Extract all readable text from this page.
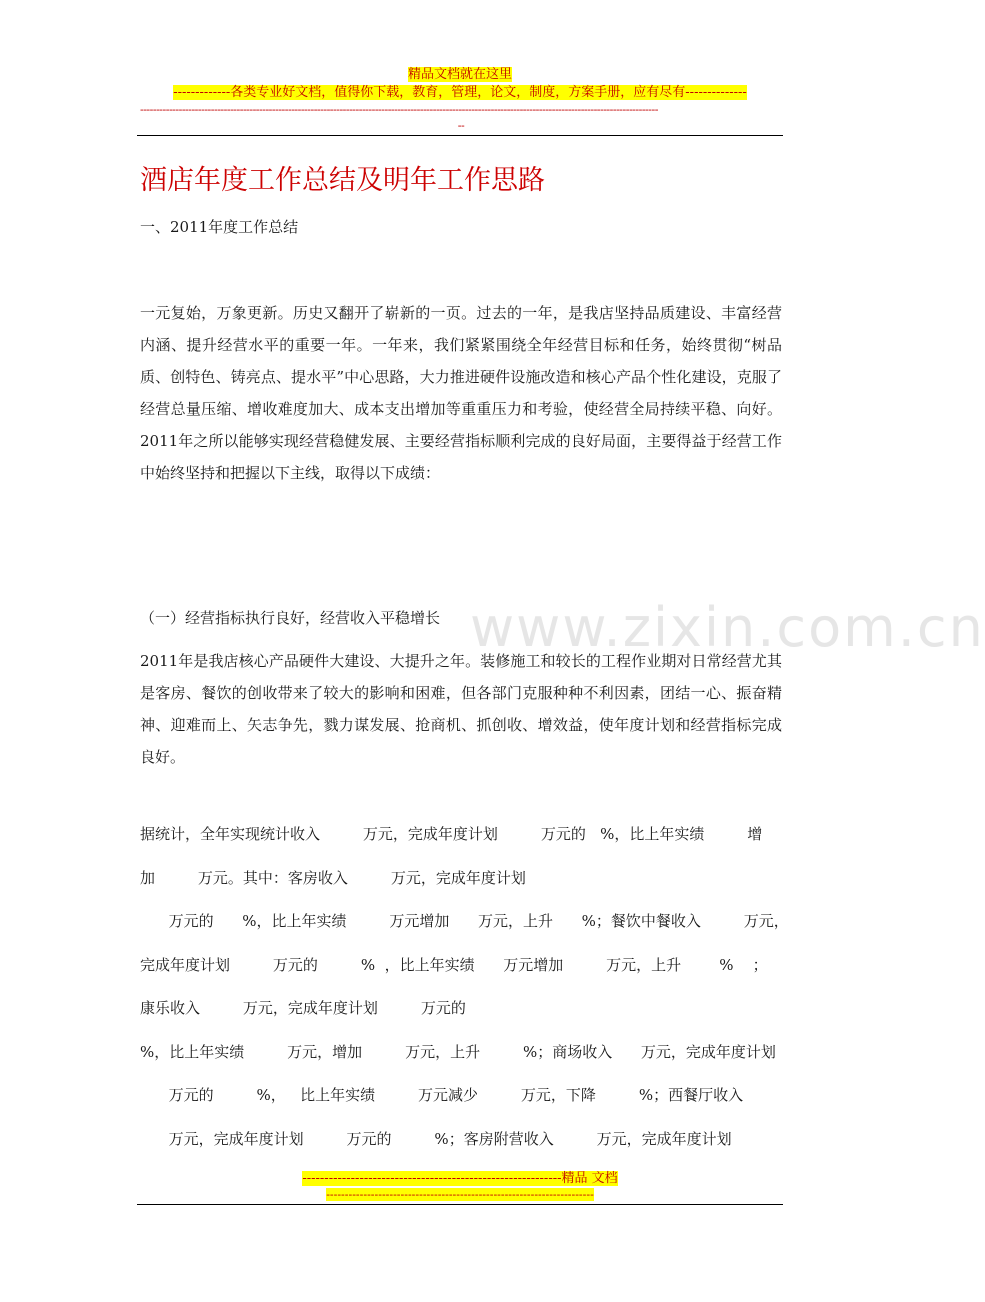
精品文档就在这里
-------------各类专业好文档，值得你下载，教育，管理，论文，制度，方案手册，应有尽有--------------
-----------------------------------------------------------------------------------------------------------------------------------------------------------------
--
www.zixin.com.cn
酒店年度工作总结及明年工作思路
一、2011年度工作总结
一元复始，万象更新。历史又翻开了崭新的一页。过去的一年，是我店坚持品质建设、丰富经营内涵、提升经营水平的重要一年。一年来，我们紧紧围绕全年经营目标和任务，始终贯彻“树品质、创特色、铸亮点、提水平”中心思路，大力推进硬件设施改造和核心产品个性化建设，克服了经营总量压缩、增收难度加大、成本支出增加等重重压力和考验，使经营全局持续平稳、向好。2011年之所以能够实现经营稳健发展、主要经营指标顺利完成的良好局面，主要得益于经营工作中始终坚持和把握以下主线，取得以下成绩：
（一）经营指标执行良好，经营收入平稳增长
2011年是我店核心产品硬件大建设、大提升之年。装修施工和较长的工程作业期对日常经营尤其是客房、餐饮的创收带来了较大的影响和困难，但各部门克服种种不利因素，团结一心、振奋精神、迎难而上、矢志争先，戮力谋发展、抢商机、抓创收、增效益，使年度计划和经营指标完成良好。
据统计，全年实现统计收入         万元，完成年度计划         万元的   %，比上年实绩         增
加         万元。其中：客房收入         万元，完成年度计划
万元的      %，比上年实绩         万元增加      万元，上升      %；餐饮中餐收入         万元，
完成年度计划         万元的         %  ，比上年实绩      万元增加         万元，上升        %    ；
康乐收入         万元，完成年度计划         万元的
%，比上年实绩         万元，增加         万元，上升         %；商场收入      万元，完成年度计划
万元的         %，   比上年实绩         万元减少         万元，下降         %；西餐厅收入
万元，完成年度计划         万元的         %；客房附营收入         万元，完成年度计划
-----------------------------------------------------------精品 文档
------------------------------------------------------------------------
